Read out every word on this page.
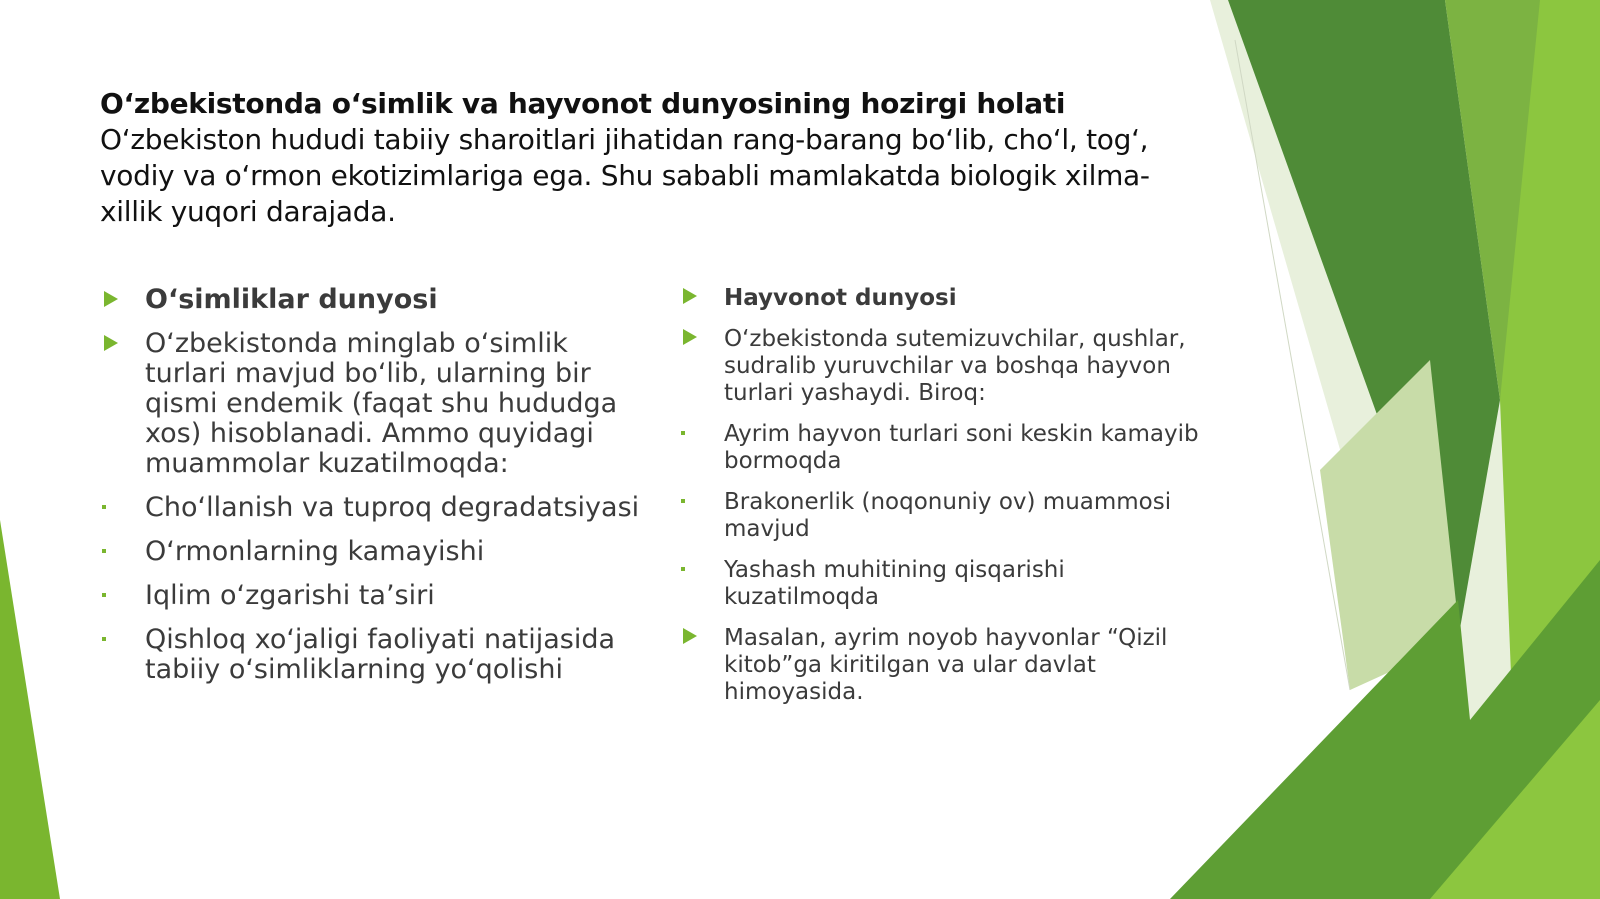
O‘zbekistonda o‘simlik va hayvonot dunyosining hozirgi holati
O‘zbekiston hududi tabiiy sharoitlari jihatidan rang-barang bo‘lib, cho‘l, tog‘, vodiy va o‘rmon ekotizimlariga ega. Shu sababli mamlakatda biologik xilma-xillik yuqori darajada.
O‘simliklar dunyosi
O‘zbekistonda minglab o‘simlik turlari mavjud bo‘lib, ularning bir qismi endemik (faqat shu hududga xos) hisoblanadi. Ammo quyidagi muammolar kuzatilmoqda:
Cho‘llanish va tuproq degradatsiyasi
O‘rmonlarning kamayishi
Iqlim o‘zgarishi ta’siri
Qishloq xo‘jaligi faoliyati natijasida tabiiy o‘simliklarning yo‘qolishi
Hayvonot dunyosi
O‘zbekistonda sutemizuvchilar, qushlar, sudralib yuruvchilar va boshqa hayvon turlari yashaydi. Biroq:
Ayrim hayvon turlari soni keskin kamayib bormoqda
Brakonerlik (noqonuniy ov) muammosi mavjud
Yashash muhitining qisqarishi kuzatilmoqda
Masalan, ayrim noyob hayvonlar “Qizil kitob”ga kiritilgan va ular davlat himoyasida.
